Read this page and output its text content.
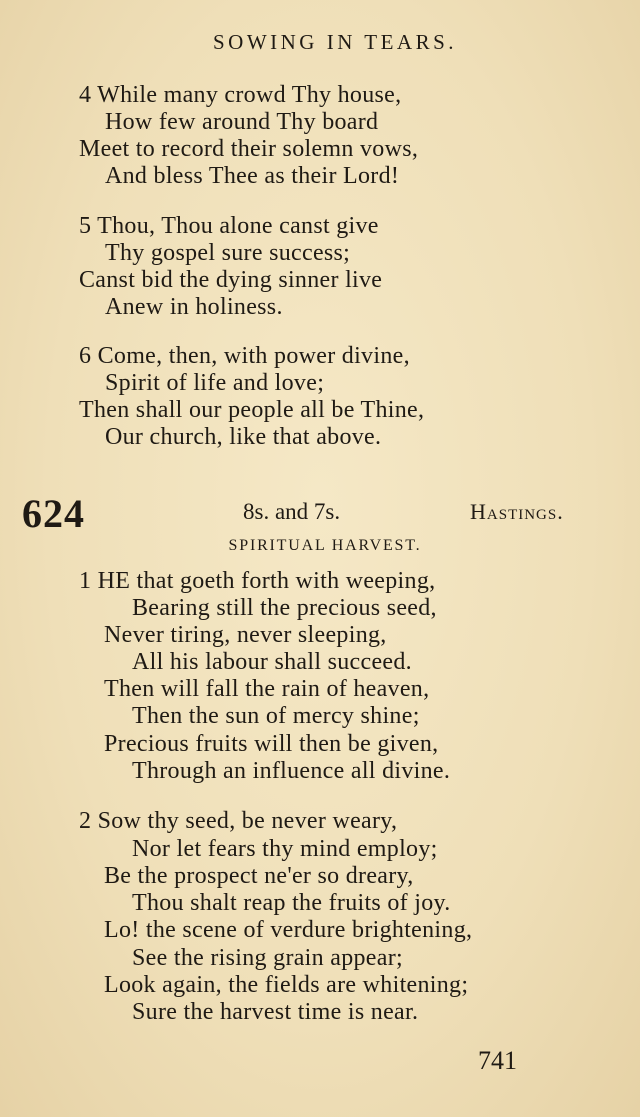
SOWING IN TEARS.
4 While many crowd Thy house,
How few around Thy board
Meet to record their solemn vows,
And bless Thee as their Lord!
5 Thou, Thou alone canst give
Thy gospel sure success;
Canst bid the dying sinner live
Anew in holiness.
6 Come, then, with power divine,
Spirit of life and love;
Then shall our people all be Thine,
Our church, like that above.
624	8s. and 7s.	Hastings.
SPIRITUAL HARVEST.
1 HE that goeth forth with weeping,
Bearing still the precious seed,
Never tiring, never sleeping,
All his labour shall succeed.
Then will fall the rain of heaven,
Then the sun of mercy shine;
Precious fruits will then be given,
Through an influence all divine.
2 Sow thy seed, be never weary,
Nor let fears thy mind employ;
Be the prospect ne'er so dreary,
Thou shalt reap the fruits of joy.
Lo! the scene of verdure brightening,
See the rising grain appear;
Look again, the fields are whitening;
Sure the harvest time is near.
741
